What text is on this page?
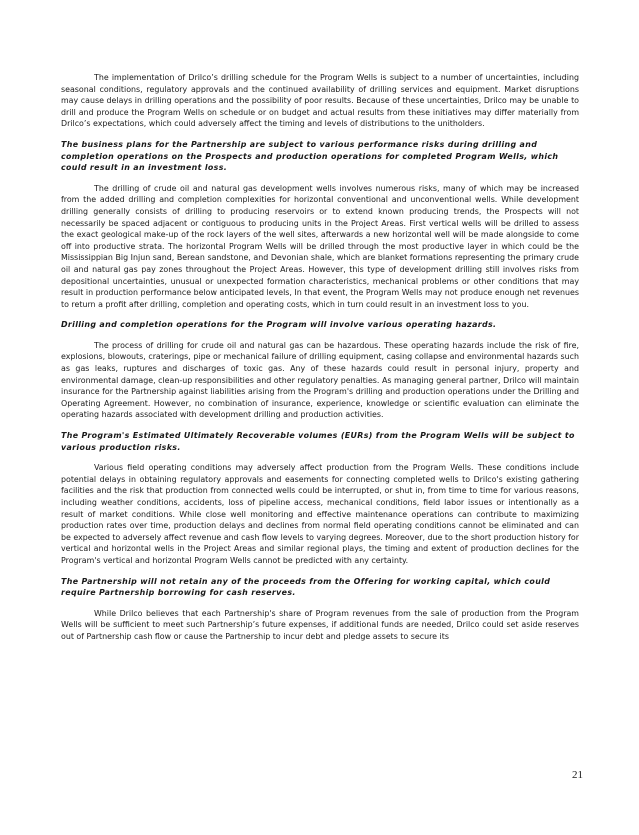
The implementation of Drilco’s drilling schedule for the Program Wells is subject to a number of uncertainties, including seasonal conditions, regulatory approvals and the continued availability of drilling services and equipment. Market disruptions may cause delays in drilling operations and the possibility of poor results. Because of these uncertainties, Drilco may be unable to drill and produce the Program Wells on schedule or on budget and actual results from these initiatives may differ materially from Drilco’s expectations, which could adversely affect the timing and levels of distributions to the unitholders.

The business plans for the Partnership are subject to various performance risks during drilling and completion operations on the Prospects and production operations for completed Program Wells, which could result in an investment loss.

The drilling of crude oil and natural gas development wells involves numerous risks, many of which may be increased from the added drilling and completion complexities for horizontal conventional and unconventional wells. While development drilling generally consists of drilling to producing reservoirs or to extend known producing trends, the Prospects will not necessarily be spaced adjacent or contiguous to producing units in the Project Areas. First vertical wells will be drilled to assess the exact geological make-up of the rock layers of the well sites, afterwards a new horizontal well will be made alongside to come off into productive strata. The horizontal Program Wells will be drilled through the most productive layer in which could be the Mississippian Big Injun sand, Berean sandstone, and Devonian shale, which are blanket formations representing the primary crude oil and natural gas pay zones throughout the Project Areas. However, this type of development drilling still involves risks from depositional uncertainties, unusual or unexpected formation characteristics, mechanical problems or other conditions that may result in production performance below anticipated levels, In that event, the Program Wells may not produce enough net revenues to return a profit after drilling, completion and operating costs, which in turn could result in an investment loss to you.

Drilling and completion operations for the Program will involve various operating hazards.

The process of drilling for crude oil and natural gas can be hazardous. These operating hazards include the risk of fire, explosions, blowouts, craterings, pipe or mechanical failure of drilling equipment, casing collapse and environmental hazards such as gas leaks, ruptures and discharges of toxic gas. Any of these hazards could result in personal injury, property and environmental damage, clean-up responsibilities and other regulatory penalties. As managing general partner, Drilco will maintain insurance for the Partnership against liabilities arising from the Program's drilling and production operations under the Drilling and Operating Agreement. However, no combination of insurance, experience, knowledge or scientific evaluation can eliminate the operating hazards associated with development drilling and production activities.

The Program's Estimated Ultimately Recoverable volumes (EURs) from the Program Wells will be subject to various production risks.

Various field operating conditions may adversely affect production from the Program Wells. These conditions include potential delays in obtaining regulatory approvals and easements for connecting completed wells to Drilco's existing gathering facilities and the risk that production from connected wells could be interrupted, or shut in, from time to time for various reasons, including weather conditions, accidents, loss of pipeline access, mechanical conditions, field labor issues or intentionally as a result of market conditions. While close well monitoring and effective maintenance operations can contribute to maximizing production rates over time, production delays and declines from normal field operating conditions cannot be eliminated and can be expected to adversely affect revenue and cash flow levels to varying degrees. Moreover, due to the short production history for vertical and horizontal wells in the Project Areas and similar regional plays, the timing and extent of production declines for the Program's vertical and horizontal Program Wells cannot be predicted with any certainty.

The Partnership will not retain any of the proceeds from the Offering for working capital, which could require Partnership borrowing for cash reserves.

While Drilco believes that each Partnership's share of Program revenues from the sale of production from the Program Wells will be sufficient to meet such Partnership’s future expenses, if additional funds are needed, Drilco could set aside reserves out of Partnership cash flow or cause the Partnership to incur debt and pledge assets to secure its

21
